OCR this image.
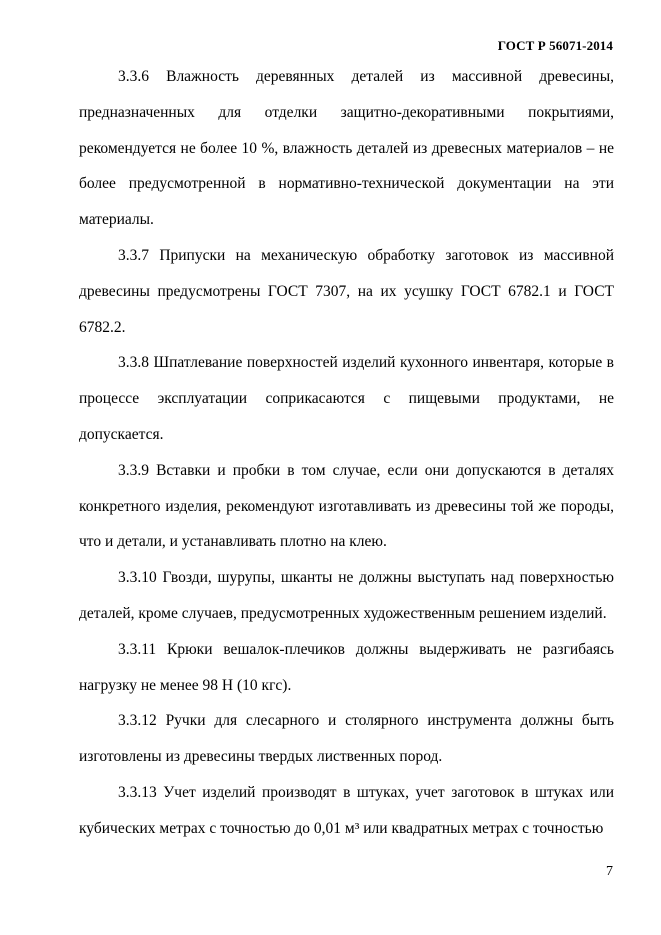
ГОСТ Р 56071-2014

3.3.6 Влажность деревянных деталей из массивной древесины, предназначенных для отделки защитно-декоративными покрытиями, рекомендуется не более 10 %, влажность деталей из древесных материалов – не более предусмотренной в нормативно-технической документации на эти материалы.

3.3.7 Припуски на механическую обработку заготовок из массивной древесины предусмотрены ГОСТ 7307, на их усушку ГОСТ 6782.1 и ГОСТ 6782.2.

3.3.8 Шпатлевание поверхностей изделий кухонного инвентаря, которые в процессе эксплуатации соприкасаются с пищевыми продуктами, не допускается.

3.3.9 Вставки и пробки в том случае, если они допускаются в деталях конкретного изделия, рекомендуют изготавливать из древесины той же породы, что и детали, и устанавливать плотно на клею.

3.3.10 Гвозди, шурупы, шканты не должны выступать над поверхностью деталей, кроме случаев, предусмотренных художественным решением изделий.

3.3.11 Крюки вешалок-плечиков должны выдерживать не разгибаясь нагрузку не менее 98 Н (10 кгс).

3.3.12 Ручки для слесарного и столярного инструмента должны быть изготовлены из древесины твердых лиственных пород.

3.3.13 Учет изделий производят в штуках, учет заготовок в штуках или кубических метрах с точностью до 0,01 м³ или квадратных метрах с точностью

7
